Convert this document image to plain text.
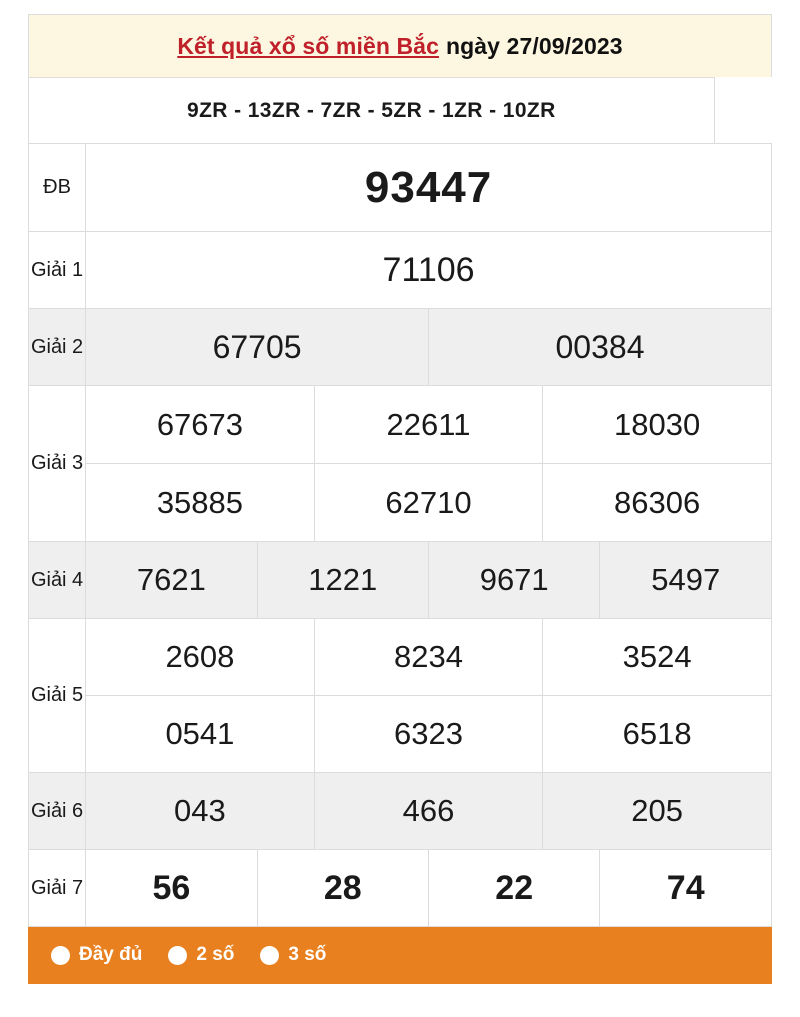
Kết quả xổ số miền Bắc ngày 27/09/2023
9ZR - 13ZR - 7ZR - 5ZR - 1ZR - 10ZR						
ĐB	93447					
Giải 1	71106					
Giải 2	67705			00384		
Giải 3	67673		22611		18030	
	35885		62710		86306	
Giải 4	7621	1221		9671		5497
Giải 5	2608		8234		3524	
	0541		6323		6518	
Giải 6	043		466		205	
Giải 7	56	28		22		74
Đầy đủ	2 số	3 số
